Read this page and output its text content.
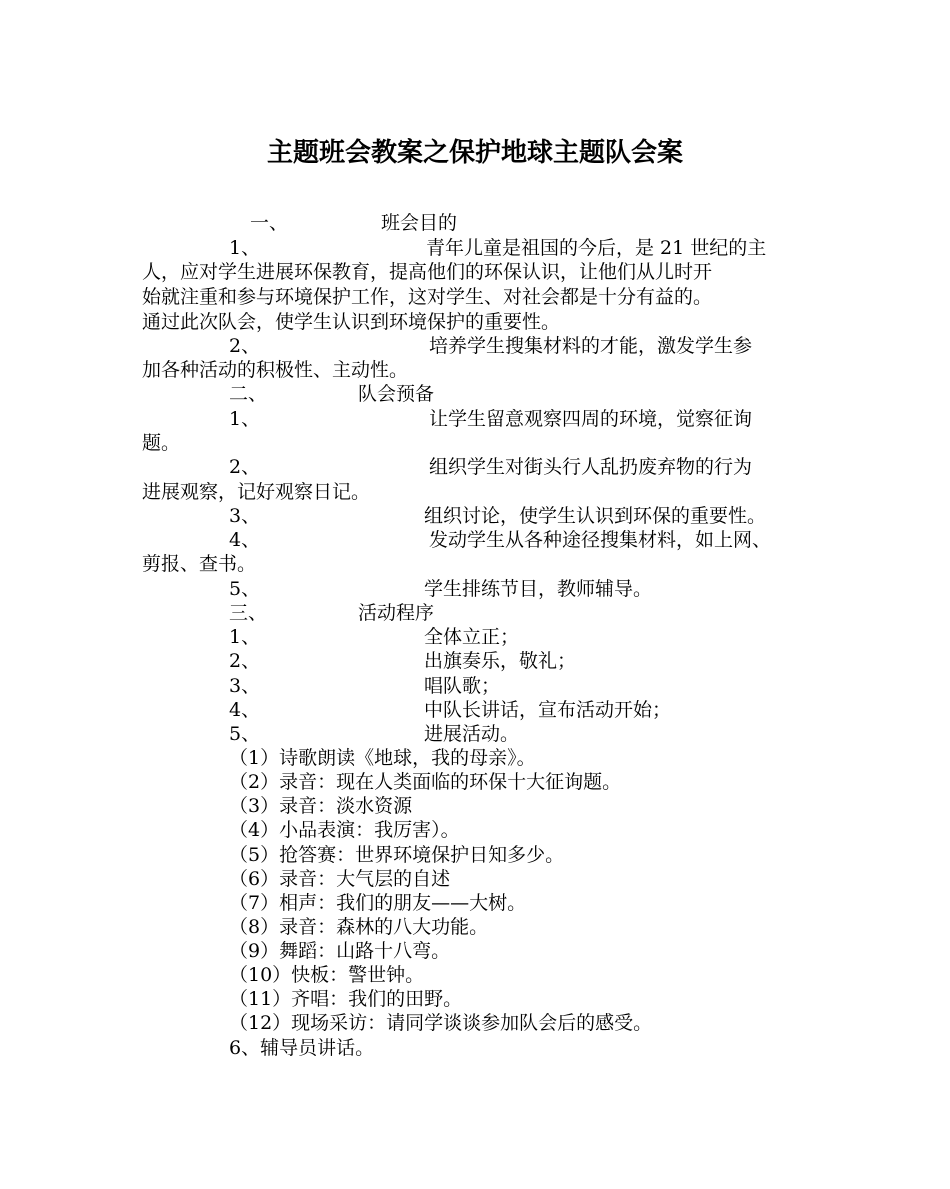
主题班会教案之保护地球主题队会案
一、	班会目的
1、	青年儿童是祖国的今后，是 21 世纪的主
人，应对学生进展环保教育，提高他们的环保认识，让他们从儿时开
始就注重和参与环境保护工作，这对学生、对社会都是十分有益的。
通过此次队会，使学生认识到环境保护的重要性。
2、	培养学生搜集材料的才能，激发学生参
加各种活动的积极性、主动性。
二、	队会预备
1、	让学生留意观察四周的环境，觉察征询
题。
2、	组织学生对街头行人乱扔废弃物的行为
进展观察，记好观察日记。
3、	组织讨论，使学生认识到环保的重要性。
4、	发动学生从各种途径搜集材料，如上网、
剪报、查书。
5、	学生排练节目，教师辅导。
三、	活动程序
1、	全体立正；
2、	出旗奏乐，敬礼；
3、	唱队歌；
4、	中队长讲话，宣布活动开始；
5、	进展活动。
（1）诗歌朗读《地球，我的母亲》。
（2）录音：现在人类面临的环保十大征询题。
（3）录音：淡水资源
（4）小品表演：我厉害）。
（5）抢答赛：世界环境保护日知多少。
（6）录音：大气层的自述
（7）相声：我们的朋友——大树。
（8）录音：森林的八大功能。
（9）舞蹈：山路十八弯。
（10）快板：警世钟。
（11）齐唱：我们的田野。
（12）现场采访：请同学谈谈参加队会后的感受。
6、辅导员讲话。
